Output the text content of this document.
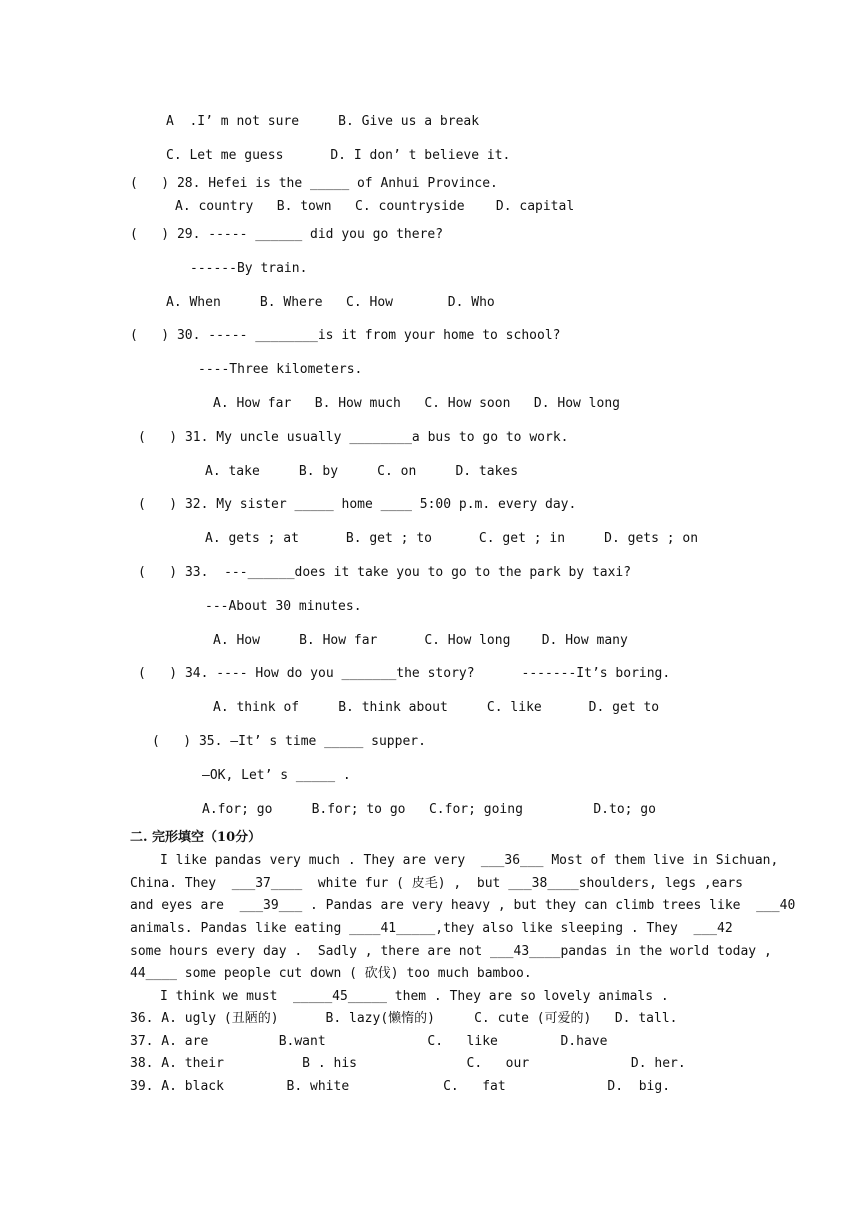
A  .I’ m not sure     B. Give us a break
C. Let me guess      D. I don’ t believe it.
(   ) 28. Hefei is the _____ of Anhui Province.
A. country   B. town   C. countryside    D. capital
(   ) 29. ----- ______ did you go there?
------By train.
A. When     B. Where   C. How       D. Who
(   ) 30. ----- ________is it from your home to school?
----Three kilometers.
A. How far   B. How much   C. How soon   D. How long
(   ) 31. My uncle usually ________a bus to go to work.
A. take     B. by     C. on     D. takes
(   ) 32. My sister _____ home ____ 5:00 p.m. every day.
A. gets ; at      B. get ; to      C. get ; in     D. gets ; on
(   ) 33.  ---______does it take you to go to the park by taxi?
---About 30 minutes.
A. How     B. How far      C. How long    D. How many
(   ) 34. ---- How do you _______the story?      -------It’s boring.
A. think of     B. think about     C. like      D. get to
(   ) 35. —It’ s time _____ supper.
—OK, Let’ s _____ .
A.for; go     B.for; to go   C.for; going         D.to; go
二. 完形填空（10分）
I like pandas very much . They are very  ___36___ Most of them live in Sichuan,
China. They  ___37____  white fur ( 皮毛) ,  but ___38____shoulders, legs ,ears
and eyes are  ___39___ . Pandas are very heavy , but they can climb trees like  ___40
animals. Pandas like eating ____41_____,they also like sleeping . They  ___42
some hours every day .  Sadly , there are not ___43____pandas in the world today ,
44____ some people cut down ( 砍伐) too much bamboo.
I think we must  _____45_____ them . They are so lovely animals .
36. A. ugly (丑陋的)      B. lazy(懒惰的)     C. cute (可爱的)   D. tall.
37. A. are         B.want             C.   like        D.have
38. A. their          B . his              C.   our             D. her.
39. A. black        B. white            C.   fat             D.  big.
